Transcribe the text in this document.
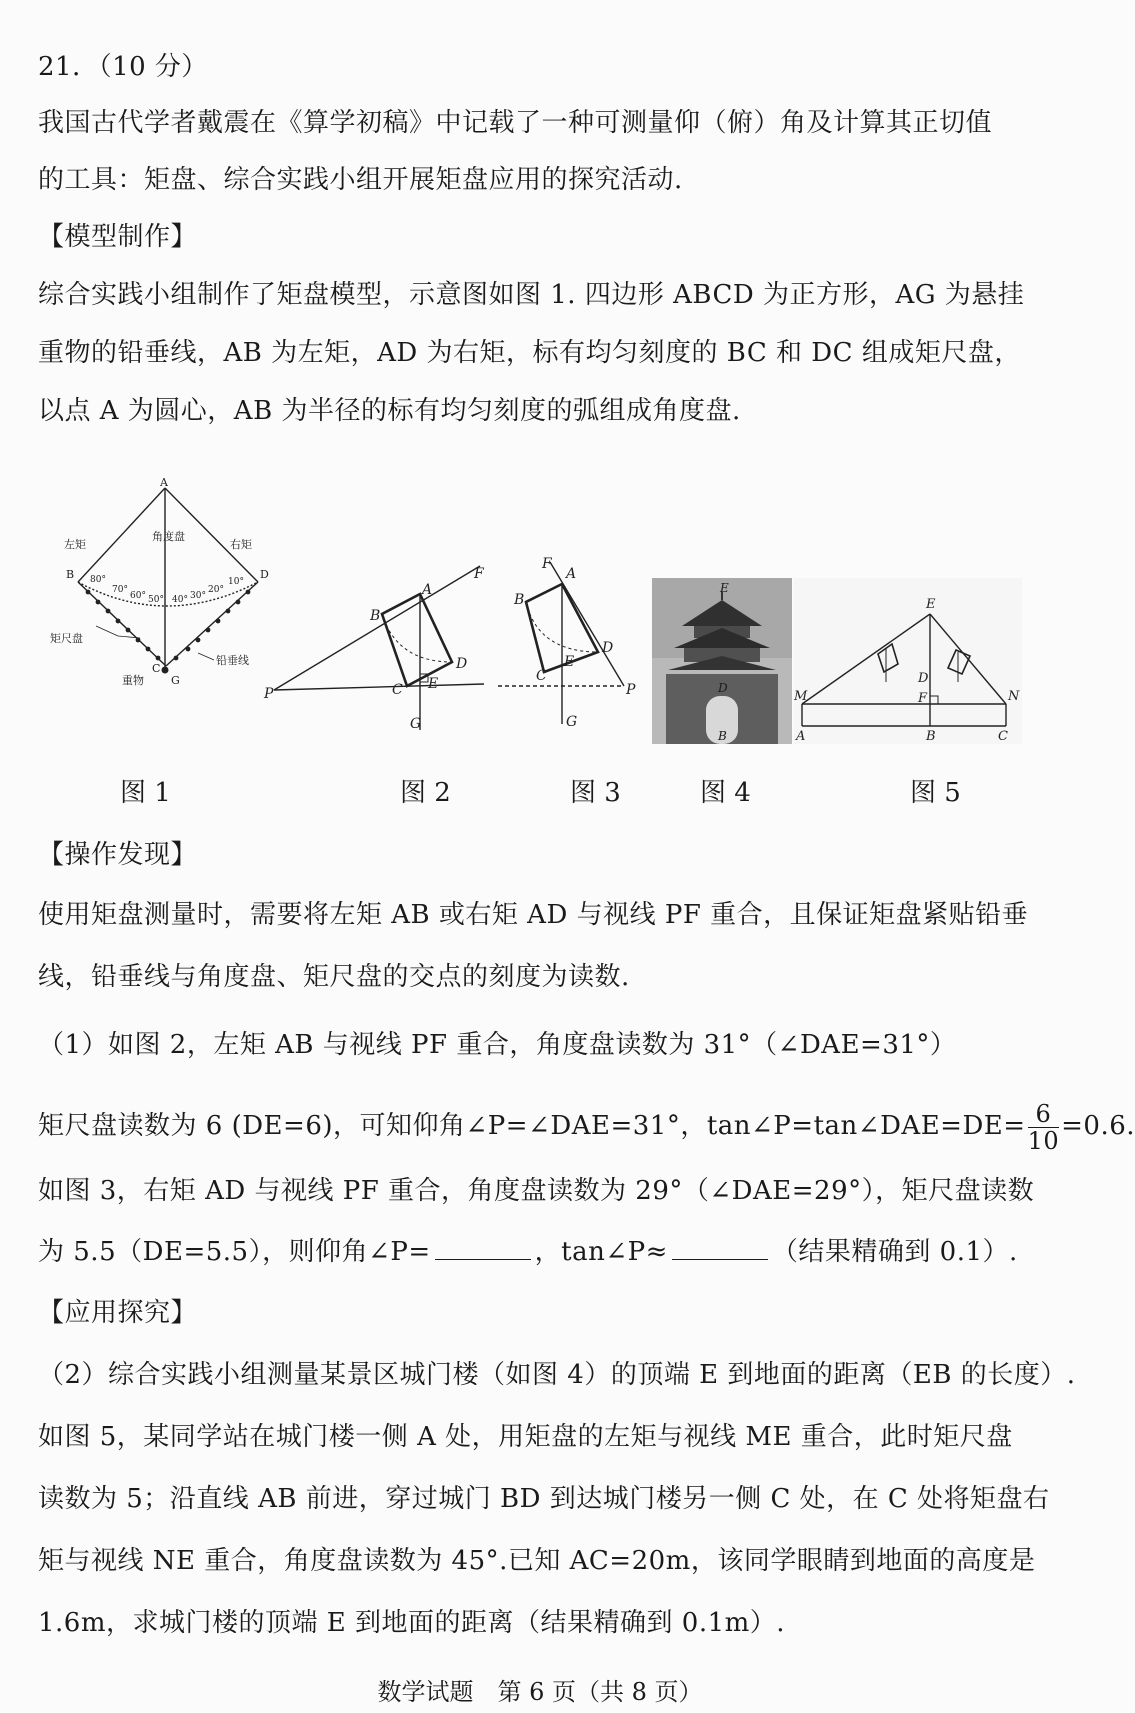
21．（10 分）
我国古代学者戴震在《算学初稿》中记载了一种可测量仰（俯）角及计算其正切值
的工具：矩盘、综合实践小组开展矩盘应用的探究活动.
【模型制作】
综合实践小组制作了矩盘模型，示意图如图 1. 四边形 ABCD 为正方形，AG 为悬挂
重物的铅垂线，AB 为左矩，AD 为右矩，标有均匀刻度的 BC 和 DC 组成矩尺盘，
以点 A 为圆心，AB 为半径的标有均匀刻度的弧组成角度盘.
A
左矩	右矩
角度盘
B	D
C
矩尺盘
铅垂线
重物 G
80°
70°
60° 50° 40° 30°
20°
10°
P
F
A
B
D
C E
G
F
A
B
D
E
C
P
G
E
D
B
E
D
F
M	N
A	B	C
图 1	图 2	图 3	图 4	图 5
【操作发现】
使用矩盘测量时，需要将左矩 AB 或右矩 AD 与视线 PF 重合，且保证矩盘紧贴铅垂
线，铅垂线与角度盘、矩尺盘的交点的刻度为读数.
（1）如图 2，左矩 AB 与视线 PF 重合，角度盘读数为 31°（∠DAE=31°）
矩尺盘读数为 6 (DE=6)，可知仰角∠P=∠DAE=31°，tan∠P=tan∠DAE=DE= $\frac{6}{10} =0.6$.
如图 3，右矩 AD 与视线 PF 重合，角度盘读数为 29°（∠DAE=29°），矩尺盘读数
为 5.5（DE=5.5），则仰角∠P=	，tan∠P≈	（结果精确到 0.1）.
【应用探究】
（2）综合实践小组测量某景区城门楼（如图 4）的顶端 E 到地面的距离（EB 的长度）.
如图 5，某同学站在城门楼一侧 A 处，用矩盘的左矩与视线 ME 重合，此时矩尺盘
读数为 5；沿直线 AB 前进，穿过城门 BD 到达城门楼另一侧 C 处，在 C 处将矩盘右
矩与视线 NE 重合，角度盘读数为 45°.已知 AC=20m，该同学眼睛到地面的高度是
1.6m，求城门楼的顶端 E 到地面的距离（结果精确到 0.1m）.
数学试题　第 6 页（共 8 页）
